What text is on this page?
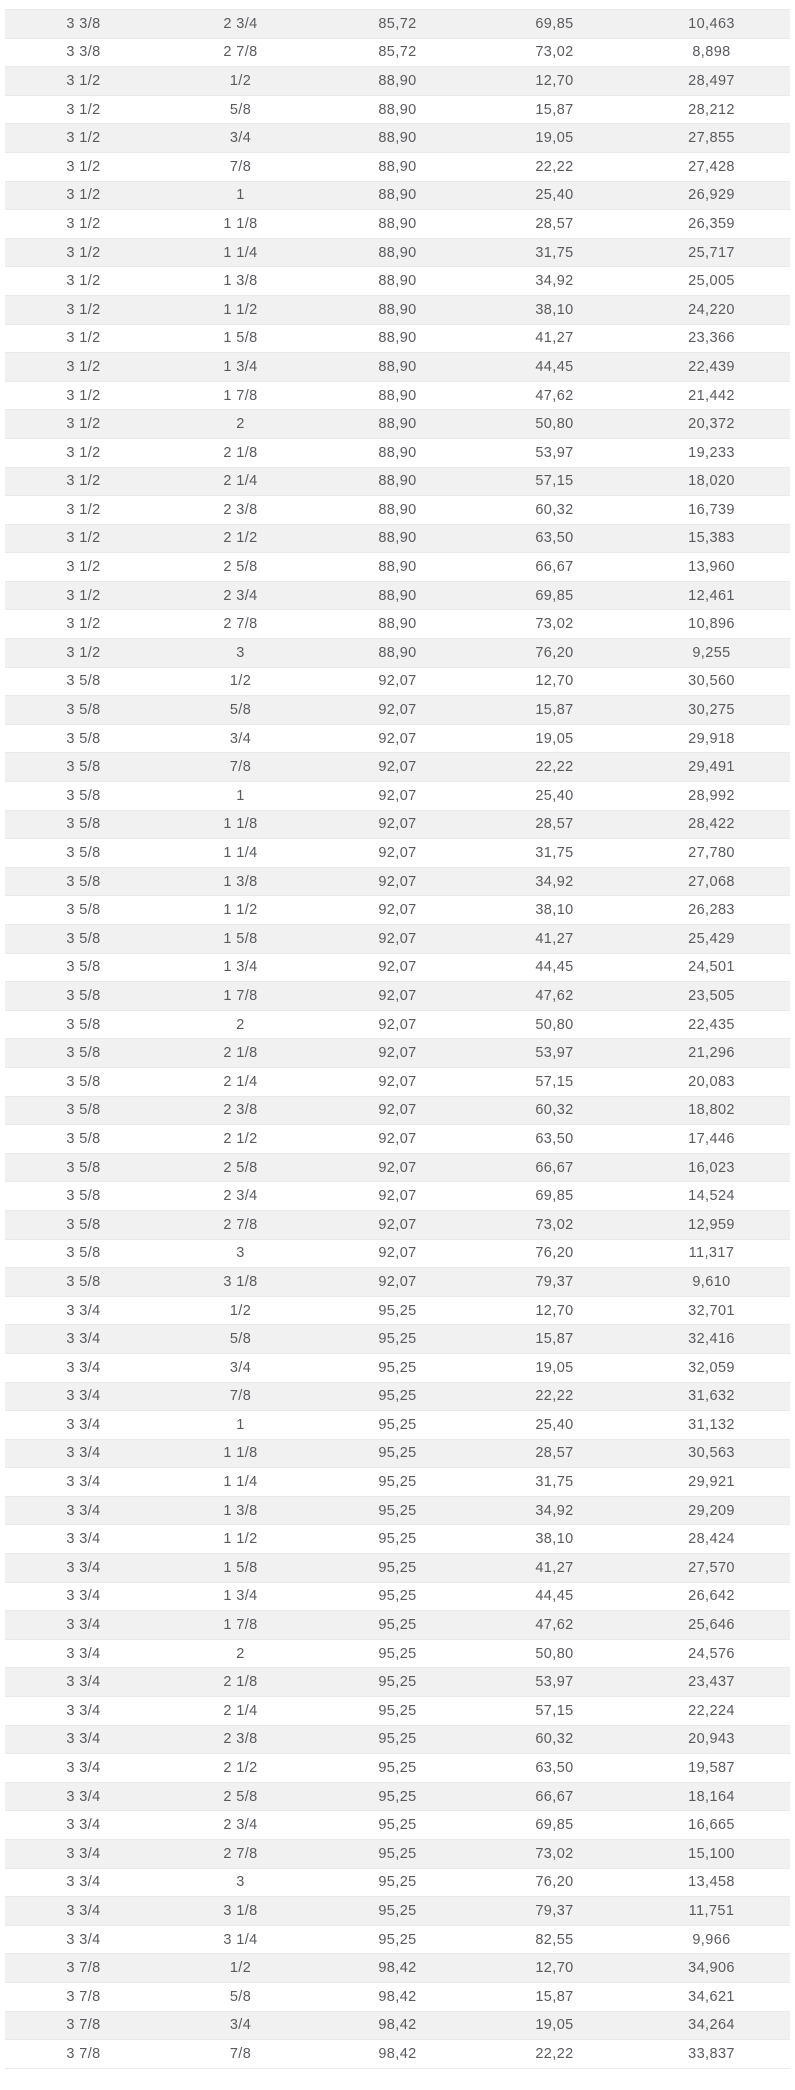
3 3/8	2 3/4	85,72	69,85	10,463
3 3/8	2 7/8	85,72	73,02	8,898
3 1/2	1/2	88,90	12,70	28,497
3 1/2	5/8	88,90	15,87	28,212
3 1/2	3/4	88,90	19,05	27,855
3 1/2	7/8	88,90	22,22	27,428
3 1/2	1	88,90	25,40	26,929
3 1/2	1 1/8	88,90	28,57	26,359
3 1/2	1 1/4	88,90	31,75	25,717
3 1/2	1 3/8	88,90	34,92	25,005
3 1/2	1 1/2	88,90	38,10	24,220
3 1/2	1 5/8	88,90	41,27	23,366
3 1/2	1 3/4	88,90	44,45	22,439
3 1/2	1 7/8	88,90	47,62	21,442
3 1/2	2	88,90	50,80	20,372
3 1/2	2 1/8	88,90	53,97	19,233
3 1/2	2 1/4	88,90	57,15	18,020
3 1/2	2 3/8	88,90	60,32	16,739
3 1/2	2 1/2	88,90	63,50	15,383
3 1/2	2 5/8	88,90	66,67	13,960
3 1/2	2 3/4	88,90	69,85	12,461
3 1/2	2 7/8	88,90	73,02	10,896
3 1/2	3	88,90	76,20	9,255
3 5/8	1/2	92,07	12,70	30,560
3 5/8	5/8	92,07	15,87	30,275
3 5/8	3/4	92,07	19,05	29,918
3 5/8	7/8	92,07	22,22	29,491
3 5/8	1	92,07	25,40	28,992
3 5/8	1 1/8	92,07	28,57	28,422
3 5/8	1 1/4	92,07	31,75	27,780
3 5/8	1 3/8	92,07	34,92	27,068
3 5/8	1 1/2	92,07	38,10	26,283
3 5/8	1 5/8	92,07	41,27	25,429
3 5/8	1 3/4	92,07	44,45	24,501
3 5/8	1 7/8	92,07	47,62	23,505
3 5/8	2	92,07	50,80	22,435
3 5/8	2 1/8	92,07	53,97	21,296
3 5/8	2 1/4	92,07	57,15	20,083
3 5/8	2 3/8	92,07	60,32	18,802
3 5/8	2 1/2	92,07	63,50	17,446
3 5/8	2 5/8	92,07	66,67	16,023
3 5/8	2 3/4	92,07	69,85	14,524
3 5/8	2 7/8	92,07	73,02	12,959
3 5/8	3	92,07	76,20	11,317
3 5/8	3 1/8	92,07	79,37	9,610
3 3/4	1/2	95,25	12,70	32,701
3 3/4	5/8	95,25	15,87	32,416
3 3/4	3/4	95,25	19,05	32,059
3 3/4	7/8	95,25	22,22	31,632
3 3/4	1	95,25	25,40	31,132
3 3/4	1 1/8	95,25	28,57	30,563
3 3/4	1 1/4	95,25	31,75	29,921
3 3/4	1 3/8	95,25	34,92	29,209
3 3/4	1 1/2	95,25	38,10	28,424
3 3/4	1 5/8	95,25	41,27	27,570
3 3/4	1 3/4	95,25	44,45	26,642
3 3/4	1 7/8	95,25	47,62	25,646
3 3/4	2	95,25	50,80	24,576
3 3/4	2 1/8	95,25	53,97	23,437
3 3/4	2 1/4	95,25	57,15	22,224
3 3/4	2 3/8	95,25	60,32	20,943
3 3/4	2 1/2	95,25	63,50	19,587
3 3/4	2 5/8	95,25	66,67	18,164
3 3/4	2 3/4	95,25	69,85	16,665
3 3/4	2 7/8	95,25	73,02	15,100
3 3/4	3	95,25	76,20	13,458
3 3/4	3 1/8	95,25	79,37	11,751
3 3/4	3 1/4	95,25	82,55	9,966
3 7/8	1/2	98,42	12,70	34,906
3 7/8	5/8	98,42	15,87	34,621
3 7/8	3/4	98,42	19,05	34,264
3 7/8	7/8	98,42	22,22	33,837
